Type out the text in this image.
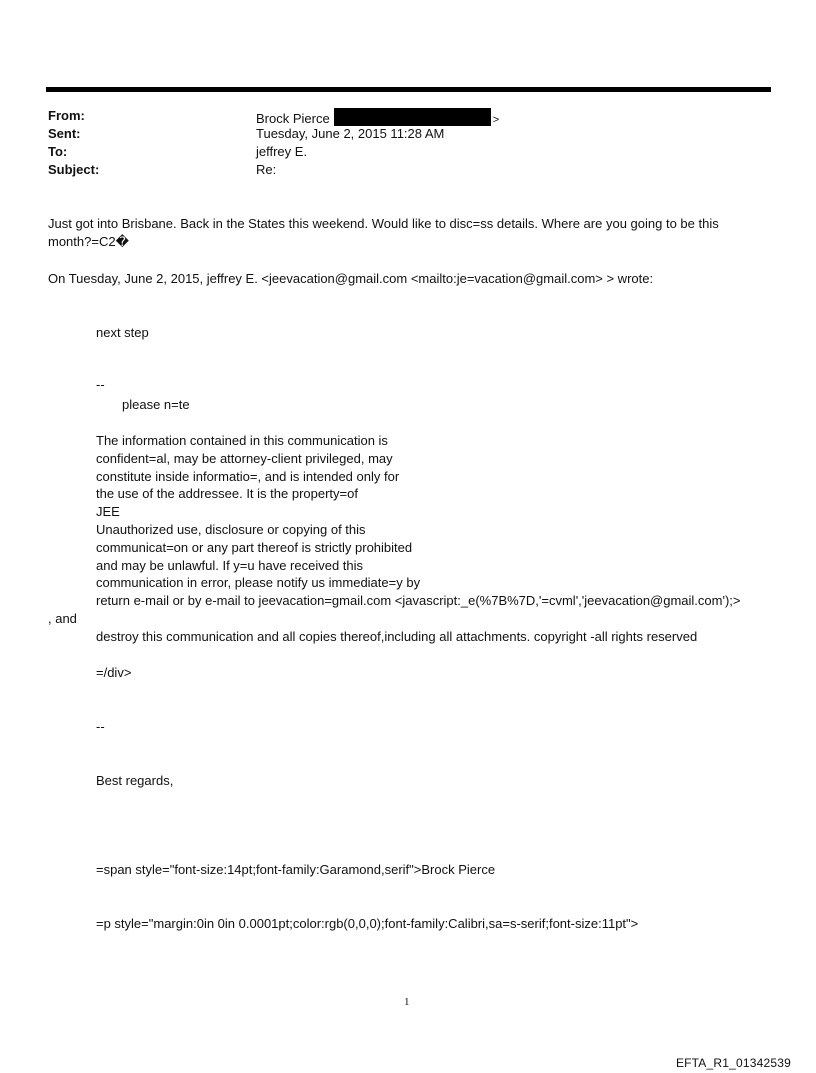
From:	Brock Pierce	>
Sent:	Tuesday, June 2, 2015 11:28 AM
To:	jeffrey E.
Subject:	Re:
Just got into Brisbane. Back in the States this weekend. Would like to disc=ss details. Where are you going to be this
month?=C2�
On Tuesday, June 2, 2015, jeffrey E. <jeevacation@gmail.com <mailto:je=vacation@gmail.com> > wrote:
next step
--
please n=te
The information contained in this communication is
confident=al, may be attorney-client privileged, may
constitute inside informatio=, and is intended only for
the use of the addressee. It is the property=of
JEE
Unauthorized use, disclosure or copying of this
communicat=on or any part thereof is strictly prohibited
and may be unlawful. If y=u have received this
communication in error, please notify us immediate=y by
return e-mail or by e-mail to jeevacation=gmail.com <javascript:_e(%7B%7D,'=cvml','jeevacation@gmail.com');>
, and
destroy this communication and all copies thereof,including all attachments. copyright -all rights reserved
=/div>
--
Best regards,
=span style="font-size:14pt;font-family:Garamond,serif">Brock Pierce
=p style="margin:0in 0in 0.0001pt;color:rgb(0,0,0);font-family:Calibri,sa=s-serif;font-size:11pt">
1
EFTA_R1_01342539
